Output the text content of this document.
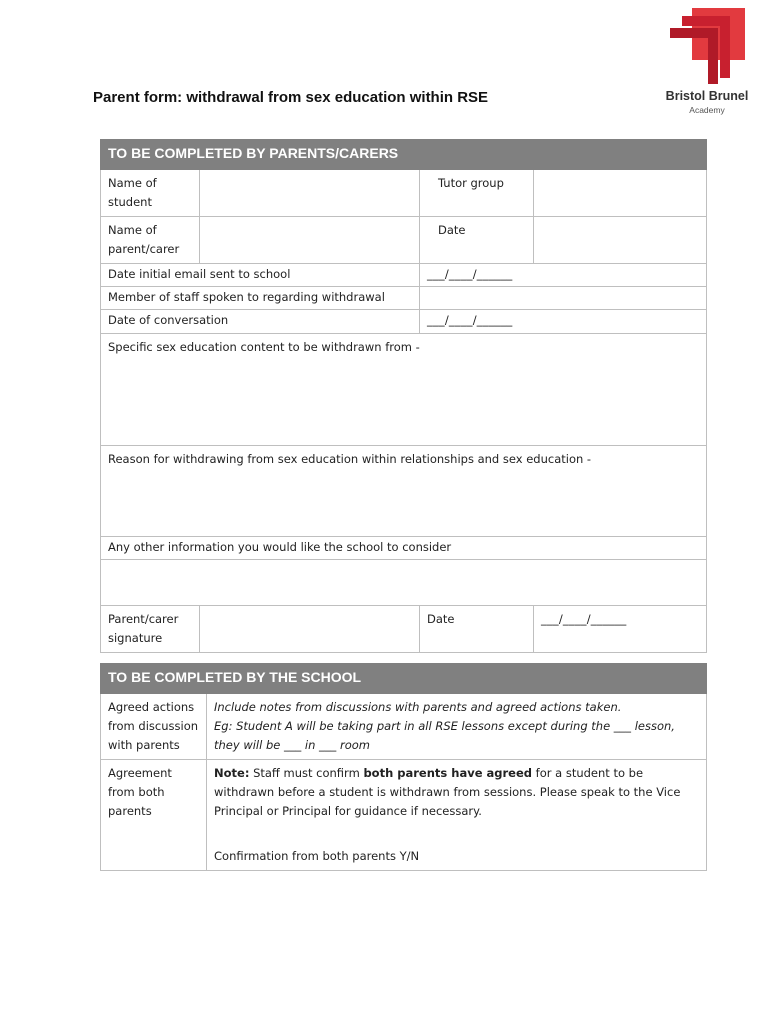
Bristol Brunel
Academy
Parent form: withdrawal from sex education within RSE
TO BE COMPLETED BY PARENTS/CARERS			
Name of student		Tutor group	
Name of parent/carer		Date	
Date initial email sent to school		___/____/______	
Member of staff spoken to regarding withdrawal			
Date of conversation		___/____/______	
Specific sex education content to be withdrawn from -			
Reason for withdrawing from sex education within relationships and sex education -			
Any other information you would like the school to consider			

Parent/carer signature		Date	___/____/______
TO BE COMPLETED BY THE SCHOOL	
Agreed actions from discussion with parents	Include notes from discussions with parents and agreed actions taken.
Eg: Student A will be taking part in all RSE lessons except during the ___ lesson, they will be ___ in ___ room
Agreement from both parents	Note: Staff must confirm both parents have agreed for a student to be withdrawn before a student is withdrawn from sessions. Please speak to the Vice Principal or Principal for guidance if necessary.
Confirmation from both parents Y/N
